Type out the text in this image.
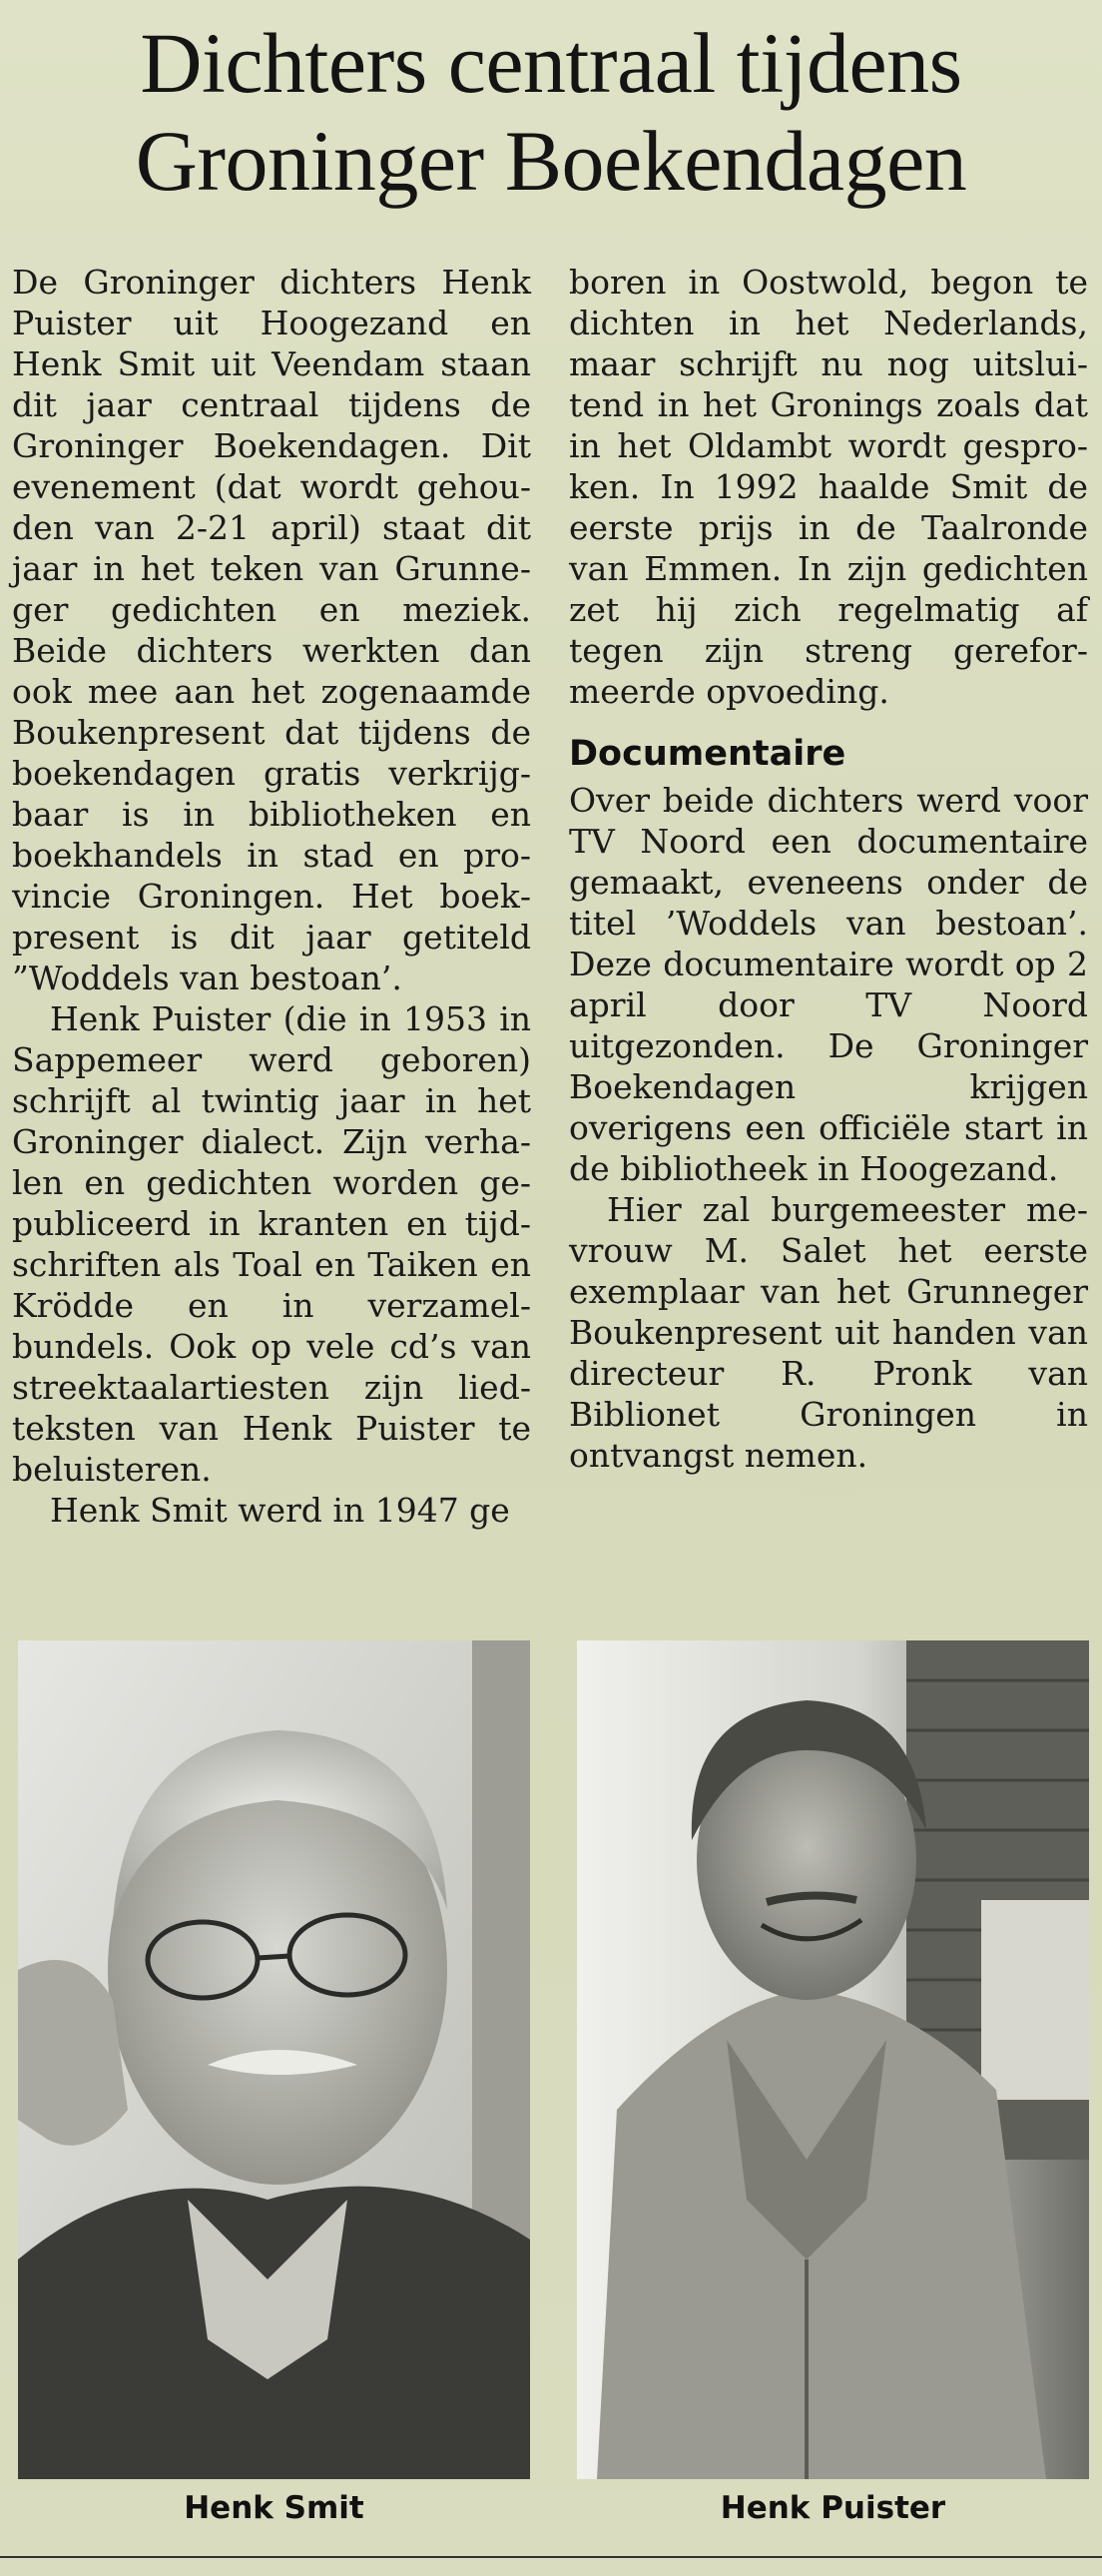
Dichters centraal tijdens
Groninger Boekendagen

De Groninger dichters Henk Puister uit Hoogezand en Henk Smit uit Veendam staan dit jaar centraal tijdens de Groninger Boekendagen. Dit evenement (dat wordt gehouden van 2-21 april) staat dit jaar in het teken van Grunneger gedichten en meziek. Beide dichters werkten dan ook mee aan het zogenaamde Boukenpresent dat tijdens de boekendagen gratis verkrijgbaar is in bibliotheken en boekhandels in stad en provincie Groningen. Het boekpresent is dit jaar getiteld ”Woddels van bestoan’.

Henk Puister (die in 1953 in Sappemeer werd geboren) schrijft al twintig jaar in het Groninger dialect. Zijn verhalen en gedichten worden gepubliceerd in kranten en tijdschriften als Toal en Taiken en Krödde en in verzamelbundels. Ook op vele cd’s van streektaalartiesten zijn liedteksten van Henk Puister te beluisteren.

Henk Smit werd in 1947 ge

boren in Oostwold, begon te dichten in het Nederlands, maar schrijft nu nog uitsluitend in het Gronings zoals dat in het Oldambt wordt gesproken. In 1992 haalde Smit de eerste prijs in de Taalronde van Emmen. In zijn gedichten zet hij zich regelmatig af tegen zijn streng gereformeerde opvoeding.

Documentaire

Over beide dichters werd voor TV Noord een documentaire gemaakt, eveneens onder de titel ’Woddels van bestoan’. Deze documentaire wordt op 2 april door TV Noord uitgezonden. De Groninger Boekendagen krijgen overigens een officiële start in de bibliotheek in Hoogezand.

Hier zal burgemeester mevrouw M. Salet het eerste exemplaar van het Grunneger Boukenpresent uit handen van directeur R. Pronk van Biblionet Groningen in ontvangst nemen.

Henk Smit	Henk Puister
